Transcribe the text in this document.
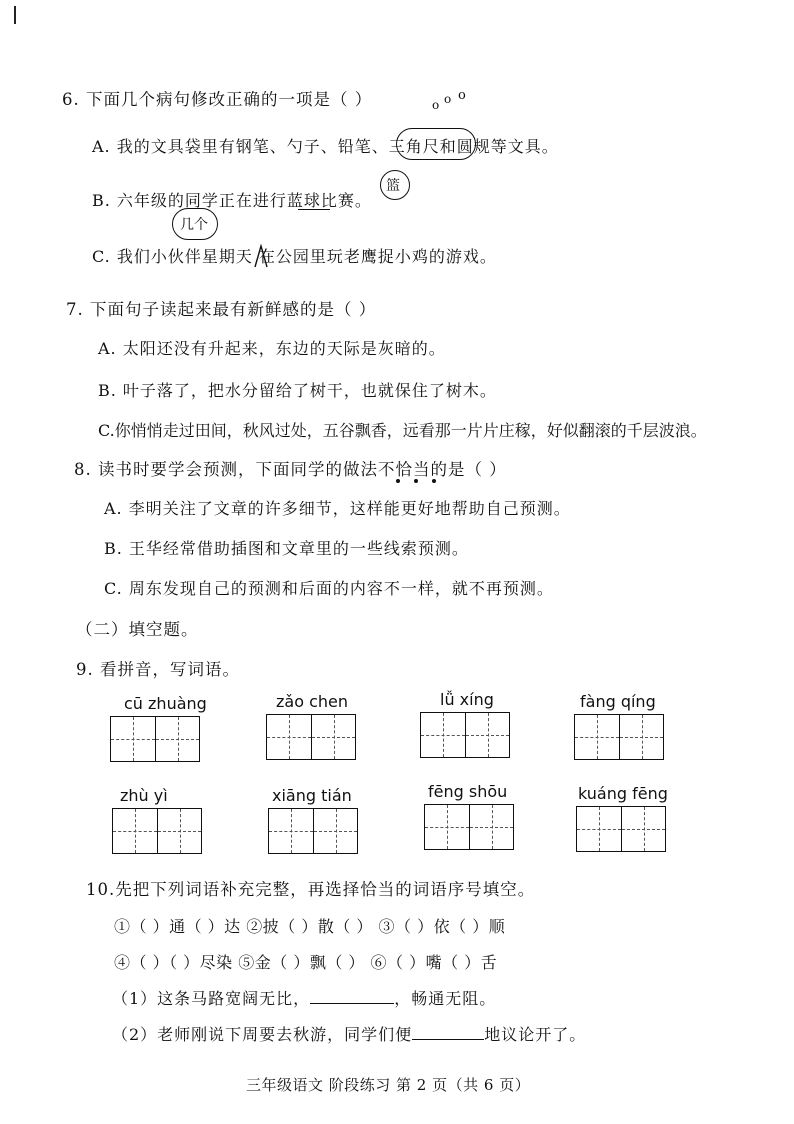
6. 下面几个病句修改正确的一项是（ ）	o o o
A. 我的文具袋里有钢笔、勺子、铅笔、三角尺和圆规等文具。
B. 六年级的同学正在进行蓝球比赛。
篮
C. 我们小伙伴星期天 在公园里玩老鹰捉小鸡的游戏。
几个
7. 下面句子读起来最有新鲜感的是（ ）
A. 太阳还没有升起来，东边的天际是灰暗的。
B. 叶子落了，把水分留给了树干，也就保住了树木。
C.你悄悄走过田间，秋风过处，五谷飘香，远看那一片片庄稼，好似翻滚的千层波浪。
8. 读书时要学会预测，下面同学的做法不恰当的是（ ）
A. 李明关注了文章的许多细节，这样能更好地帮助自己预测。
B. 王华经常借助插图和文章里的一些线索预测。
C. 周东发现自己的预测和后面的内容不一样，就不再预测。
（二）填空题。
9. 看拼音，写词语。
cū zhuàng	zǎo chen	lǚ xíng	fàng qíng
zhù yì	xiāng tián	fēng shōu	kuáng fēng
10.先把下列词语补充完整，再选择恰当的词语序号填空。
①（ ）通（ ）达 ②披（ ）散（ ） ③（ ）依（ ）顺
④（ ）（ ）尽染 ⑤金（ ）飘（ ） ⑥（ ）嘴（ ）舌
（1）这条马路宽阔无比，	，畅通无阻。
（2）老师刚说下周要去秋游，同学们便	地议论开了。
三年级语文 阶段练习 第 2 页（共 6 页）
